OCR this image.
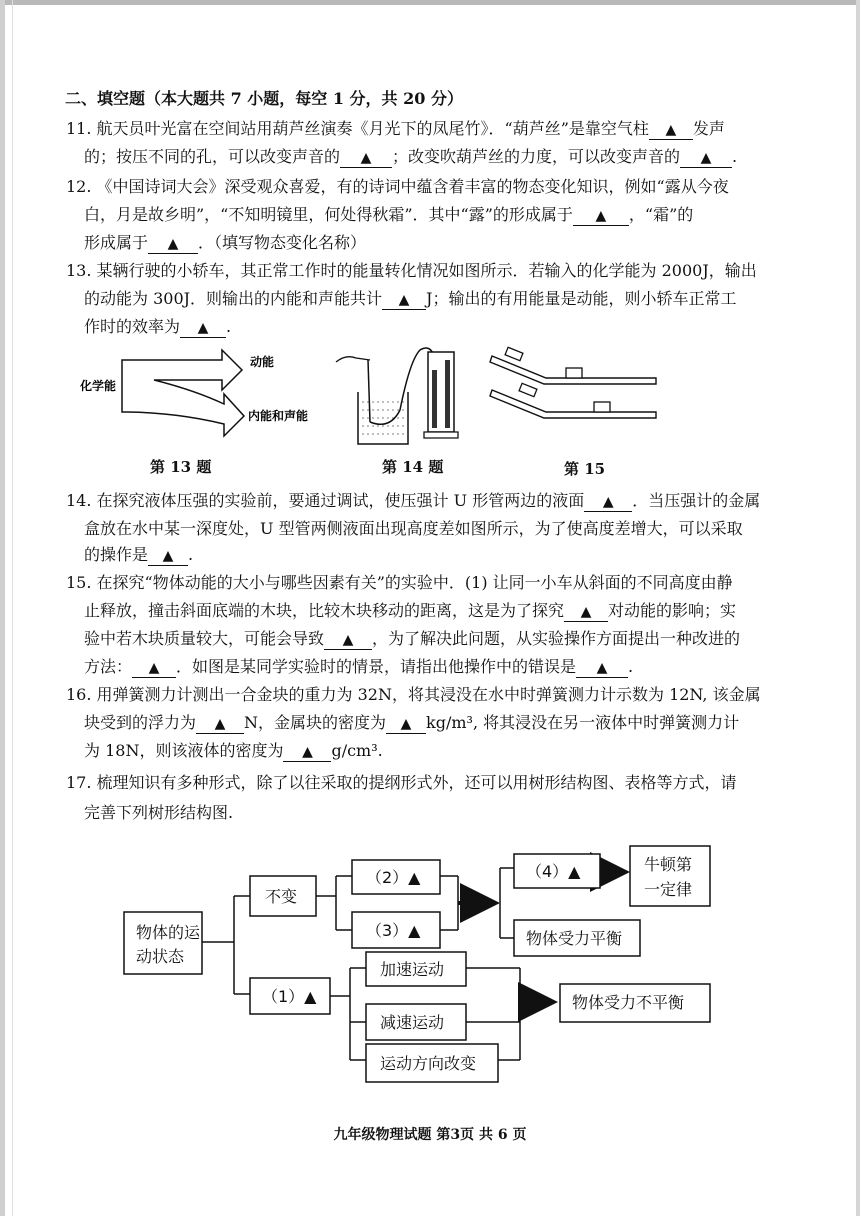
二、填空题（本大题共 7 小题，每空 1 分，共 20 分）
11. 航天员叶光富在空间站用葫芦丝演奏《月光下的凤尾竹》．“葫芦丝”是靠空气柱 ▲ 发声
的；按压不同的孔，可以改变声音的 ▲ ；改变吹葫芦丝的力度，可以改变声音的 ▲ .
12. 《中国诗词大会》深受观众喜爱，有的诗词中蕴含着丰富的物态变化知识，例如“露从今夜
白，月是故乡明”，“不知明镜里，何处得秋霜”．其中“露”的形成属于 ▲ ，“霜”的
形成属于 ▲ ．（填写物态变化名称）
13. 某辆行驶的小轿车，其正常工作时的能量转化情况如图所示．若输入的化学能为 2000J，输出
的动能为 300J．则输出的内能和声能共计 ▲ J；输出的有用能量是动能，则小轿车正常工
作时的效率为 ▲ .
化学能
动能
内能和声能
第 13 题	第 14 题	第 15
14. 在探究液体压强的实验前，要通过调试，使压强计 U 形管两边的液面 ▲ ．当压强计的金属
盒放在水中某一深度处，U 型管两侧液面出现高度差如图所示，为了使高度差增大，可以采取
的操作是 ▲ .
15. 在探究“物体动能的大小与哪些因素有关”的实验中．(1) 让同一小车从斜面的不同高度由静
止释放，撞击斜面底端的木块，比较木块移动的距离，这是为了探究 ▲ 对动能的影响；实
验中若木块质量较大，可能会导致 ▲ ，为了解决此问题，从实验操作方面提出一种改进的
方法： ▲ ．如图是某同学实验时的情景，请指出他操作中的错误是 ▲ .
16. 用弹簧测力计测出一合金块的重力为 32N，将其浸没在水中时弹簧测力计示数为 12N, 该金属
块受到的浮力为 ▲ N，金属块的密度为 ▲ kg/m³, 将其浸没在另一液体中时弹簧测力计
为 18N，则该液体的密度为 ▲ g/cm³.
17. 梳理知识有多种形式，除了以往采取的提纲形式外，还可以用树形结构图、表格等方式，请
完善下列树形结构图.
物体的运
动状态
不变
（2）▲
（3）▲
（4）▲	牛顿第
一定律
物体受力平衡
（1）▲
加速运动
减速运动
运动方向改变
物体受力不平衡
九年级物理试题 第3页 共 6 页
